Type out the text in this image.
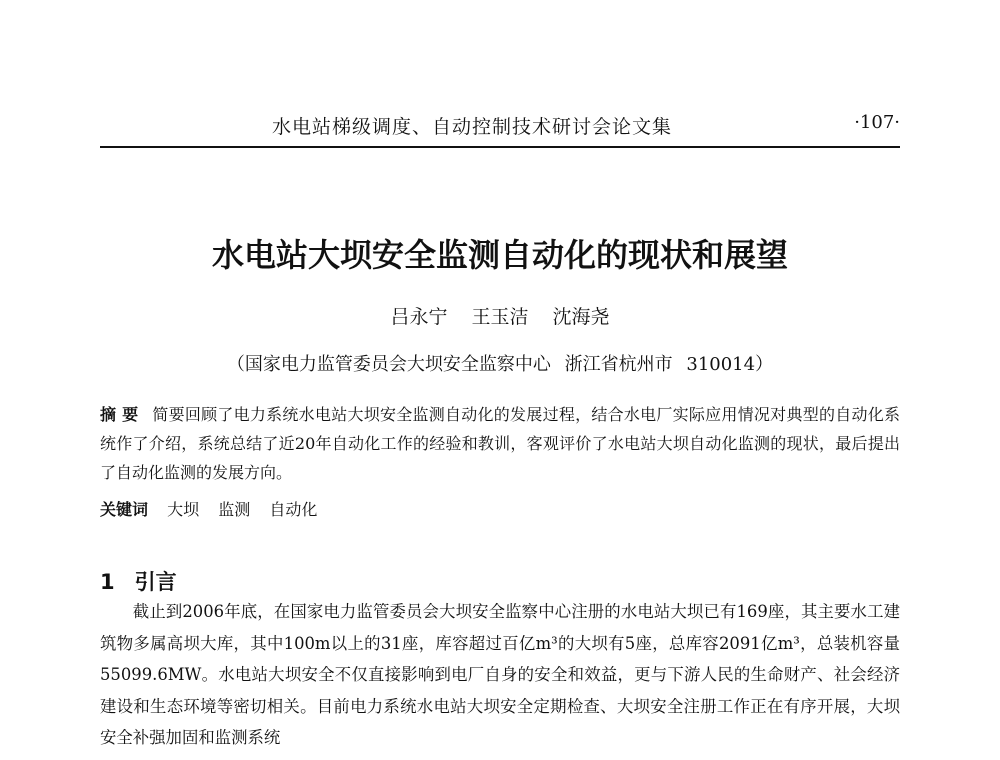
水电站梯级调度、自动控制技术研讨会论文集	·107·
水电站大坝安全监测自动化的现状和展望
吕永宁 王玉洁 沈海尧
（国家电力监管委员会大坝安全监察中心 浙江省杭州市 310014）
摘 要 简要回顾了电力系统水电站大坝安全监测自动化的发展过程，结合水电厂实际应用情况对典型的自动化系统作了介绍，系统总结了近20年自动化工作的经验和教训，客观评价了水电站大坝自动化监测的现状，最后提出了自动化监测的发展方向。
关键词 大坝 监测 自动化
1 引言
截止到2006年底，在国家电力监管委员会大坝安全监察中心注册的水电站大坝已有169座，其主要水工建筑物多属高坝大库，其中100m以上的31座，库容超过百亿m³的大坝有5座，总库容2091亿m³，总装机容量55099.6MW。水电站大坝安全不仅直接影响到电厂自身的安全和效益，更与下游人民的生命财产、社会经济建设和生态环境等密切相关。目前电力系统水电站大坝安全定期检查、大坝安全注册工作正在有序开展，大坝安全补强加固和监测系统
